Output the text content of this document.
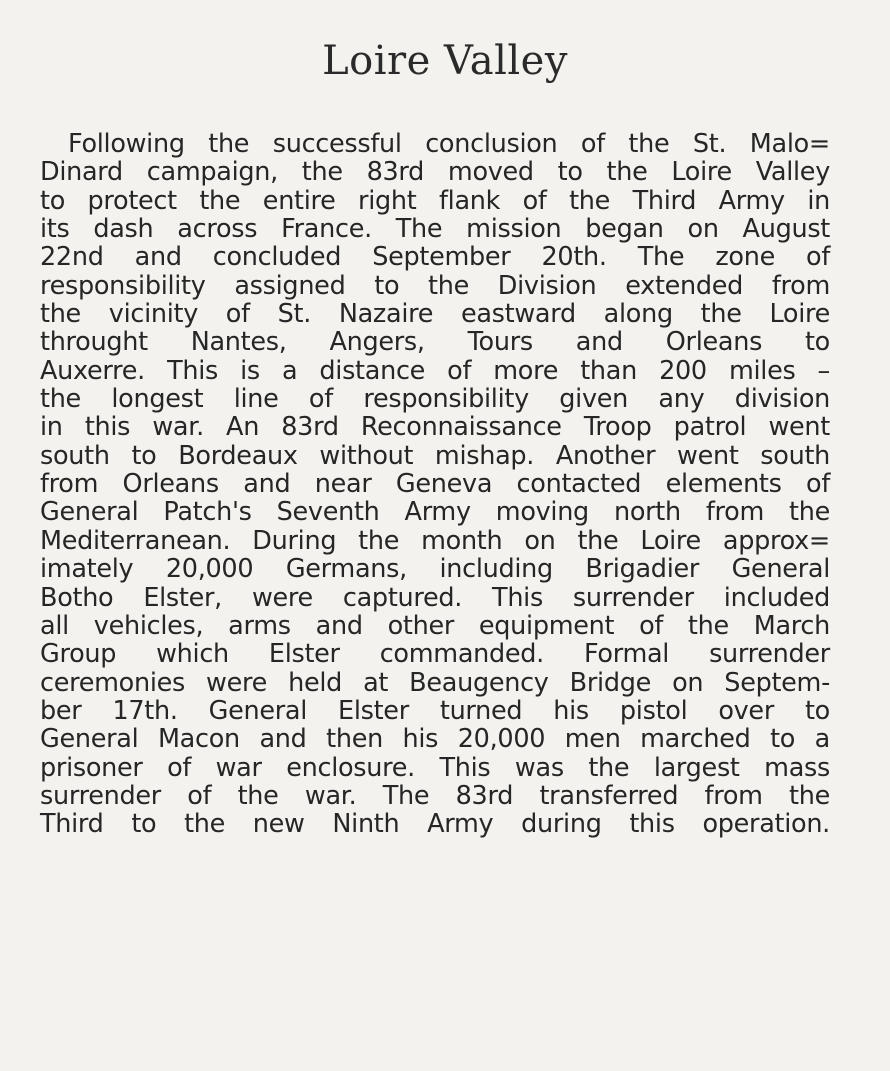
Loire Valley
Following the successful conclusion of the St. Malo=
Dinard campaign, the 83rd moved to the Loire Valley
to protect the entire right flank of the Third Army in
its dash across France. The mission began on August
22nd and concluded September 20th. The zone of
responsibility assigned to the Division extended from
the vicinity of St. Nazaire eastward along the Loire
throught Nantes, Angers, Tours and Orleans to
Auxerre. This is a distance of more than 200 miles –
the longest line of responsibility given any division
in this war. An 83rd Reconnaissance Troop patrol went
south to Bordeaux without mishap. Another went south
from Orleans and near Geneva contacted elements of
General Patch's Seventh Army moving north from the
Mediterranean. During the month on the Loire approx=
imately 20,000 Germans, including Brigadier General
Botho Elster, were captured. This surrender included
all vehicles, arms and other equipment of the March
Group which Elster commanded. Formal surrender
ceremonies were held at Beaugency Bridge on Septem-
ber 17th. General Elster turned his pistol over to
General Macon and then his 20,000 men marched to a
prisoner of war enclosure. This was the largest mass
surrender of the war. The 83rd transferred from the
Third to the new Ninth Army during this operation.
